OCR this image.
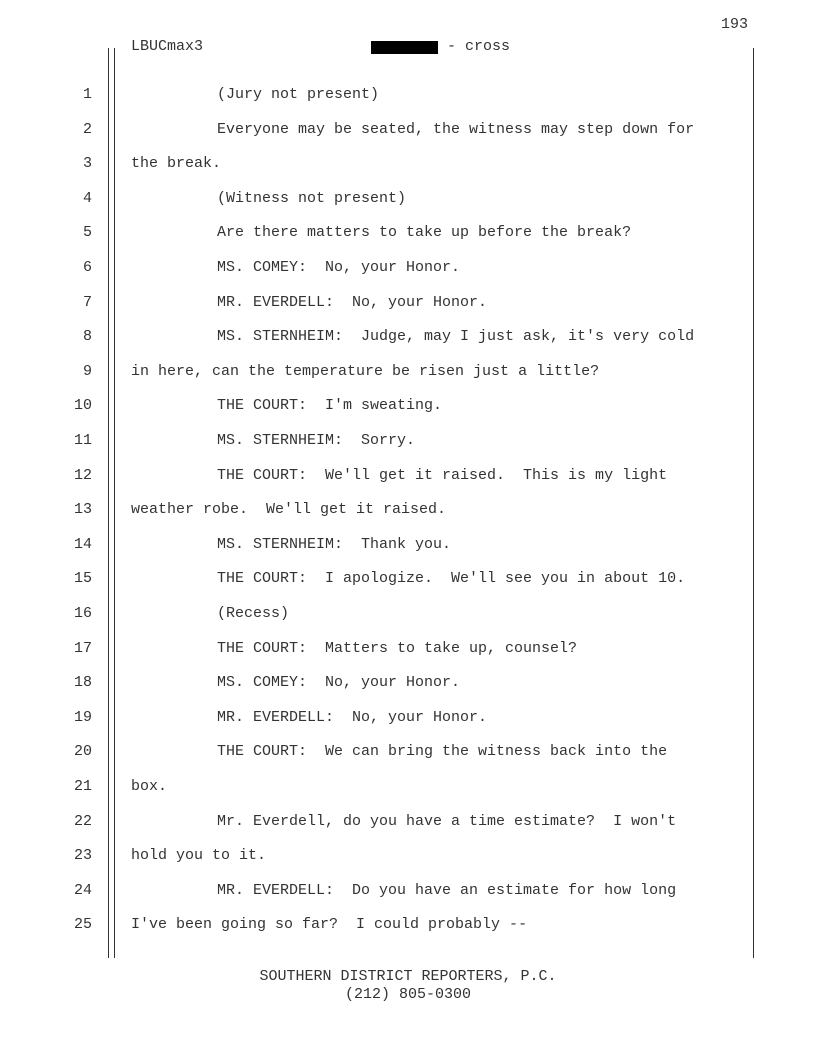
193
LBUCmax3	- cross
1	(Jury not present)
2	Everyone may be seated, the witness may step down for
3	the break.
4	(Witness not present)
5	Are there matters to take up before the break?
6	MS. COMEY:  No, your Honor.
7	MR. EVERDELL:  No, your Honor.
8	MS. STERNHEIM:  Judge, may I just ask, it's very cold
9	in here, can the temperature be risen just a little?
10	THE COURT:  I'm sweating.
11	MS. STERNHEIM:  Sorry.
12	THE COURT:  We'll get it raised.  This is my light
13	weather robe.  We'll get it raised.
14	MS. STERNHEIM:  Thank you.
15	THE COURT:  I apologize.  We'll see you in about 10.
16	(Recess)
17	THE COURT:  Matters to take up, counsel?
18	MS. COMEY:  No, your Honor.
19	MR. EVERDELL:  No, your Honor.
20	THE COURT:  We can bring the witness back into the
21	box.
22	Mr. Everdell, do you have a time estimate?  I won't
23	hold you to it.
24	MR. EVERDELL:  Do you have an estimate for how long
25	I've been going so far?  I could probably --
SOUTHERN DISTRICT REPORTERS, P.C.
(212) 805-0300
